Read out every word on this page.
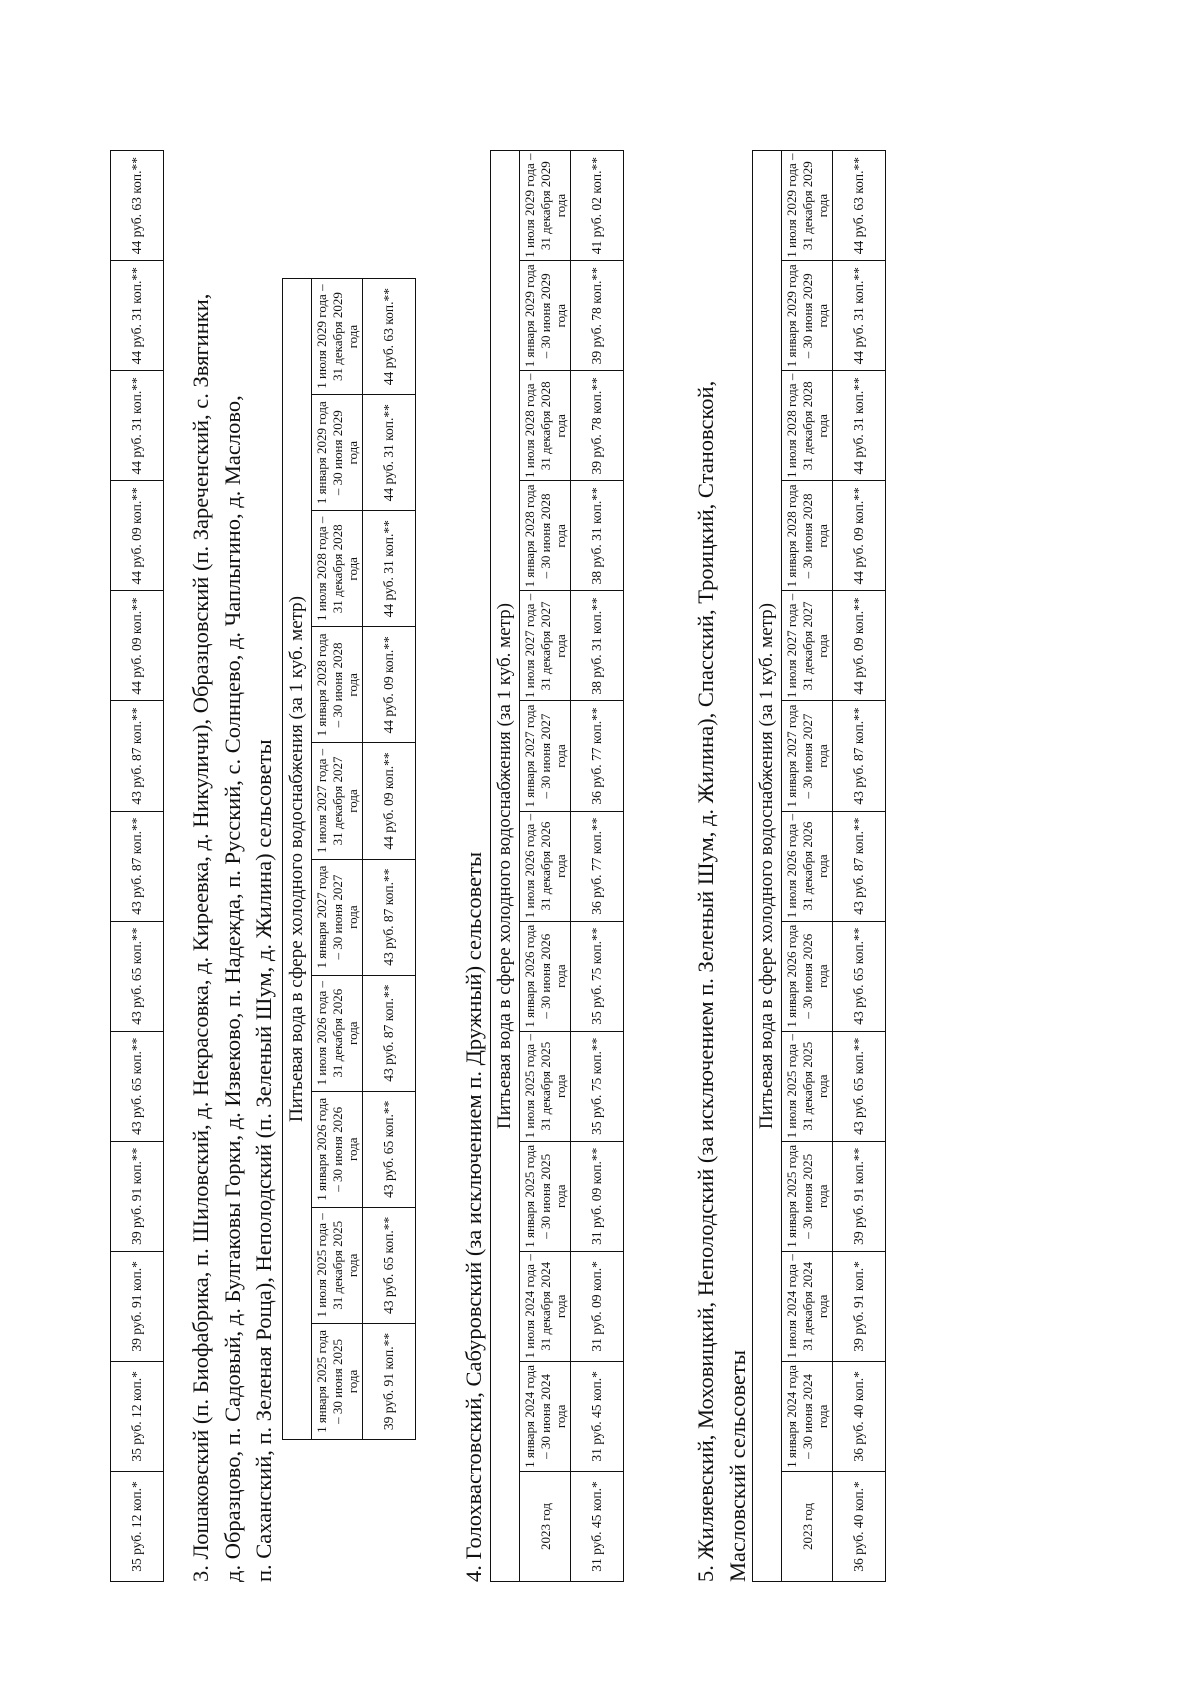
35 руб. 12 коп.*	35 руб. 12 коп.*	39 руб. 91 коп.*	39 руб. 91 коп.**	43 руб. 65 коп.**	43 руб. 65 коп.**	43 руб. 87 коп.**	43 руб. 87 коп.**	44 руб. 09 коп.**	44 руб. 09 коп.**	44 руб. 31 коп.**	44 руб. 31 коп.**	44 руб. 63 коп.**
3. Лошаковский (п. Биофабрика, п. Шиловский, д. Некрасовка, д. Киреевка, д. Никуличи), Образцовский (п. Зареченский, с. Звягинки, д. Образцово, п. Садовый, д. Булгаковы Горки, д. Извеково, п. Надежда, п. Русский, с. Солнцево, д. Чаплыгино, д. Маслово, п. Саханский, п. Зеленая Роща), Неполодский (п. Зеленый Шум, д. Жилина) сельсоветы Питьевая вода в сфере холодного водоснабжения (за 1 куб. метр)									
1 января 2025 года – 30 июня 2025 года	1 июля 2025 года – 31 декабря 2025 года	1 января 2026 года – 30 июня 2026 года	1 июля 2026 года – 31 декабря 2026 года	1 января 2027 года – 30 июня 2027 года	1 июля 2027 года – 31 декабря 2027 года	1 января 2028 года – 30 июня 2028 года	1 июля 2028 года – 31 декабря 2028 года	1 января 2029 года – 30 июня 2029 года	1 июля 2029 года – 31 декабря 2029 года
39 руб. 91 коп.**	43 руб. 65 коп.**	43 руб. 65 коп.**	43 руб. 87 коп.**	43 руб. 87 коп.**	44 руб. 09 коп.**	44 руб. 09 коп.**	44 руб. 31 коп.**	44 руб. 31 коп.**	44 руб. 63 коп.**
4. Голохвастовский, Сабуровский (за исключением п. Дружный) сельсоветы Питьевая вода в сфере холодного водоснабжения (за 1 куб. метр)												
2023 год	1 января 2024 года – 30 июня 2024 года	1 июля 2024 года – 31 декабря 2024 года	1 января 2025 года – 30 июня 2025 года	1 июля 2025 года – 31 декабря 2025 года	1 января 2026 года – 30 июня 2026 года	1 июля 2026 года – 31 декабря 2026 года	1 января 2027 года – 30 июня 2027 года	1 июля 2027 года – 31 декабря 2027 года	1 января 2028 года – 30 июня 2028 года	1 июля 2028 года – 31 декабря 2028 года	1 января 2029 года – 30 июня 2029 года	1 июля 2029 года – 31 декабря 2029 года
31 руб. 45 коп.*	31 руб. 45 коп.*	31 руб. 09 коп.*	31 руб. 09 коп.**	35 руб. 75 коп.**	35 руб. 75 коп.**	36 руб. 77 коп.**	36 руб. 77 коп.**	38 руб. 31 коп.**	38 руб. 31 коп.**	39 руб. 78 коп.**	39 руб. 78 коп.**	41 руб. 02 коп.**
5. Жиляевский, Моховицкий, Неполодский (за исключением п. Зеленый Шум, д. Жилина), Спасский, Троицкий, Становской, Масловский сельсоветы
Питьевая вода в сфере холодного водоснабжения (за 1 куб. метр)												
2023 год	1 января 2024 года – 30 июня 2024 года	1 июля 2024 года – 31 декабря 2024 года	1 января 2025 года – 30 июня 2025 года	1 июля 2025 года – 31 декабря 2025 года	1 января 2026 года – 30 июня 2026 года	1 июля 2026 года – 31 декабря 2026 года	1 января 2027 года – 30 июня 2027 года	1 июля 2027 года – 31 декабря 2027 года	1 января 2028 года – 30 июня 2028 года	1 июля 2028 года – 31 декабря 2028 года	1 января 2029 года – 30 июня 2029 года	1 июля 2029 года – 31 декабря 2029 года
36 руб. 40 коп.*	36 руб. 40 коп.*	39 руб. 91 коп.*	39 руб. 91 коп.**	43 руб. 65 коп.**	43 руб. 65 коп.**	43 руб. 87 коп.**	43 руб. 87 коп.**	44 руб. 09 коп.**	44 руб. 09 коп.**	44 руб. 31 коп.**	44 руб. 31 коп.**	44 руб. 63 коп.**
